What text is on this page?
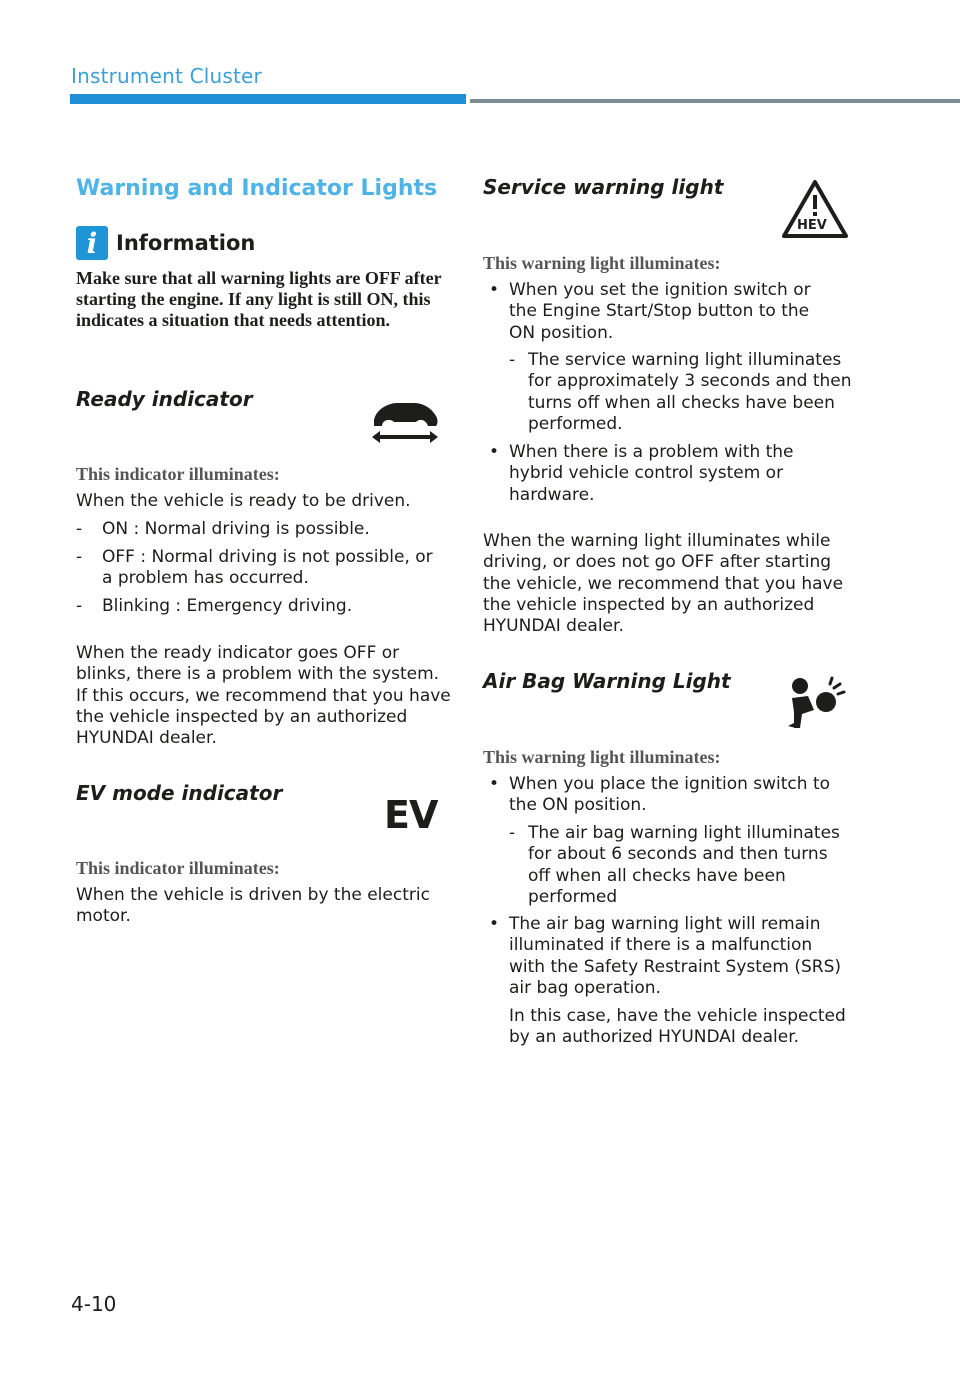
Instrument Cluster
Warning and Indicator Lights
i Information
Make sure that all warning lights are OFF after starting the engine. If any light is still ON, this indicates a situation that needs attention.
Ready indicator
This indicator illuminates:
When the vehicle is ready to be driven.
-	ON : Normal driving is possible.
-	OFF : Normal driving is not possible, or a problem has occurred.
-	Blinking : Emergency driving.
When the ready indicator goes OFF or blinks, there is a problem with the system. If this occurs, we recommend that you have the vehicle inspected by an authorized HYUNDAI dealer.
EV mode indicator	EV
This indicator illuminates:
When the vehicle is driven by the electric motor.
Service warning light
HEV
This warning light illuminates:
• When you set the ignition switch or the Engine Start/Stop button to the ON position.
- The service warning light illuminates for approximately 3 seconds and then turns off when all checks have been performed.
• When there is a problem with the hybrid vehicle control system or hardware.
When the warning light illuminates while driving, or does not go OFF after starting the vehicle, we recommend that you have the vehicle inspected by an authorized HYUNDAI dealer.
Air Bag Warning Light
This warning light illuminates:
• When you place the ignition switch to the ON position.
- The air bag warning light illuminates for about 6 seconds and then turns off when all checks have been performed
• The air bag warning light will remain illuminated if there is a malfunction with the Safety Restraint System (SRS) air bag operation.
In this case, have the vehicle inspected by an authorized HYUNDAI dealer.
4-10
